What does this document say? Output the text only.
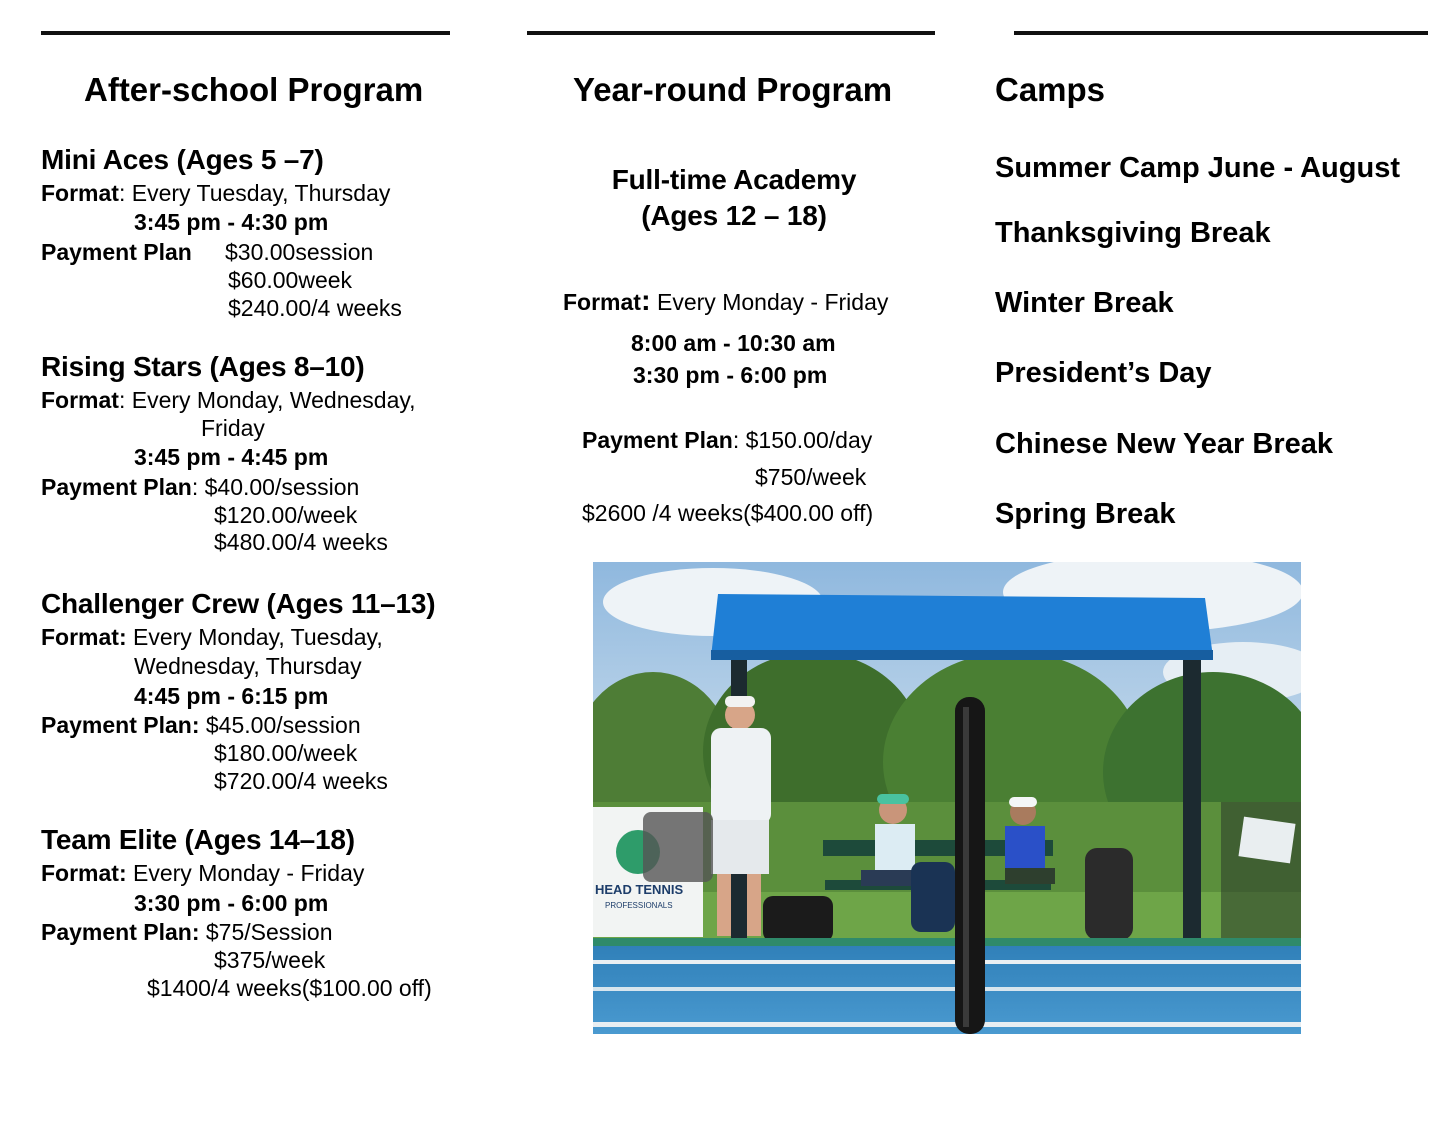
After-school Program	Year-round Program	Camps
Mini Aces (Ages 5 –7)
Format: Every Tuesday, Thursday
3:45 pm - 4:30 pm
Payment Plan $30.00session
$60.00week
$240.00/4 weeks
Rising Stars (Ages 8–10)
Format: Every Monday, Wednesday,
Friday
3:45 pm - 4:45 pm
Payment Plan: $40.00/session
$120.00/week
$480.00/4 weeks
Challenger Crew (Ages 11–13)
Format: Every Monday, Tuesday,
Wednesday, Thursday
4:45 pm - 6:15 pm
Payment Plan: $45.00/session
$180.00/week
$720.00/4 weeks
Team Elite (Ages 14–18)
Format: Every Monday - Friday
3:30 pm - 6:00 pm
Payment Plan: $75/Session
$375/week
$1400/4 weeks($100.00 off)
Full-time Academy
(Ages 12 – 18)
Format: Every Monday - Friday
8:00 am - 10:30 am
3:30 pm - 6:00 pm
Payment Plan: $150.00/day
$750/week
$2600 /4 weeks($400.00 off)
Summer Camp June - August
Thanksgiving Break
Winter Break
President’s Day
Chinese New Year Break
Spring Break
HEAD TENNIS
PROFESSIONALS
